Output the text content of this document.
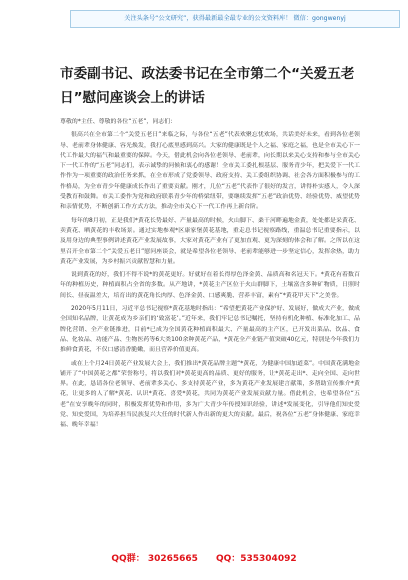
关注头条号“公文研究”，获得最新最全最专业的公文资料库！ 微信：gongwenyj
市委副书记、政法委书记在全市第二个“关爱五老
日”慰问座谈会上的讲话

尊敬的*主任、尊敬的各位“五老”，同志们：

很高兴在全市第二个“关爱五老日”来临之际，与各位“五老”代表欢聚忘忧欢场，共话美好未来，看到各位老领导、老前辈身体健康、容光焕发，我打心底里感到高兴。大家的健康既是个人之福、家庭之福，也是全市关心下一代工作最大的福气和最重要的保障。今天，借此机会向各位老领导、老前辈，向长期以来关心支持和参与全市关心下一代工作的“五老”同志们，表示诚挚的问候和衷心的感谢！全市关工委扎根基层、服务青少年，把关爱下一代工作作为一项重要的政治任务来抓，在全市形成了党委领导、政府支持、关工委组织协调、社会各方面积极参与的工作格局，为全市青少年健康成长作出了重要贡献。刚才，几位“五老”代表作了很好的发言，讲得朴实感人，令人深受教育和鼓舞。市关工委作为党和政府联系青少年的桥梁纽带，要继续发挥“五老”政治优势、经验优势、威望优势和亲情优势，不断创新工作方式方法，推动全市关心下一代工作再上新台阶。

每年的8月初，正是我们*黄花长势最好、产量最高的时候，火山脚下、桑干河畔遍地金黄，处处都是采黄花、卖黄花、晒黄花的丰收场景。通过实地参观*区康家堡黄花基地，重走总书记视察路线，重温总书记重要指示，以及用身边的典型事例讲述黄花产业发展故事，大家对黄花产业有了更加直观、更为深刻的体会和了解。之所以在这里召开全市第二个“关爱五老日”慰问座谈会，就是希望各位老领导、老前辈能够进一步坚定信心，发挥余热，助力黄花产业发展，为乡村振兴贡献智慧和力量。

说到黄花的好，我们不得不说*的黄花更好。好就好在着长得厚色泽金黄、品质高和名冠天下。*黄花有着数百年的种植历史，种植面积占全省的多数。从产地讲，*黄花主产区位于火山群脚下，土壤富含多种矿物质，日照时间长、昼夜温差大，培育出的黄花角长肉厚、色泽金黄、口感爽脆、营养丰富，素有“*黄花甲天下”之美誉。

2020年5月11日，习近平总书记视察*黄花基地时指出：“希望把黄花产业保护好、发展好，做成大产业，做成全国知名品牌，让黄花成为乡亲们的‘致富花’。”近年来，我们牢记总书记嘱托，坚持有机化种植、标准化加工、品牌化营销、全产业链推进，目前*已成为全国黄花种植面积最大、产量最高的主产区，已开发出菜品、饮品、食品、化妆品、功能产品、生物医药等6大类100余种黄花产品，*黄花全产业链产值突破40亿元，特别是今年我们力推鲜食黄花，不仅口感清香脆嫩，而且营养价值更高。

或在上个月24日黄花产业发展大会上，我们推出*黄花品牌主题“*黄花，为健康中国加道菜”。中国黄花满地金铺开了“中国黄花之都”荣誉称号，将以我们对*黄花更高的品质、更好的服务，让*黄花走出*、走向全国、走向世界。在此，恳请各位老领导、老前辈多关心、多支持黄花产业，多为黄花产业发展建言献策，多帮助宣传推介*黄花，让更多的人了解*黄花、认识*黄花、喜爱*黄花，共同为黄花产业发展贡献力量。借此机会，也希望各位“五老”在安享晚年的同时，积极发挥优势和作用，多为广大青少年传授知识经验，讲述*发展变化，引导他们知史爱党、知史爱国，为培养担当民族复兴大任的时代新人作出新的更大的贡献。最后，祝各位“五老”身体健康、家庭幸福、晚年幸福！

QQ群： 30265665 QQ：535304092
